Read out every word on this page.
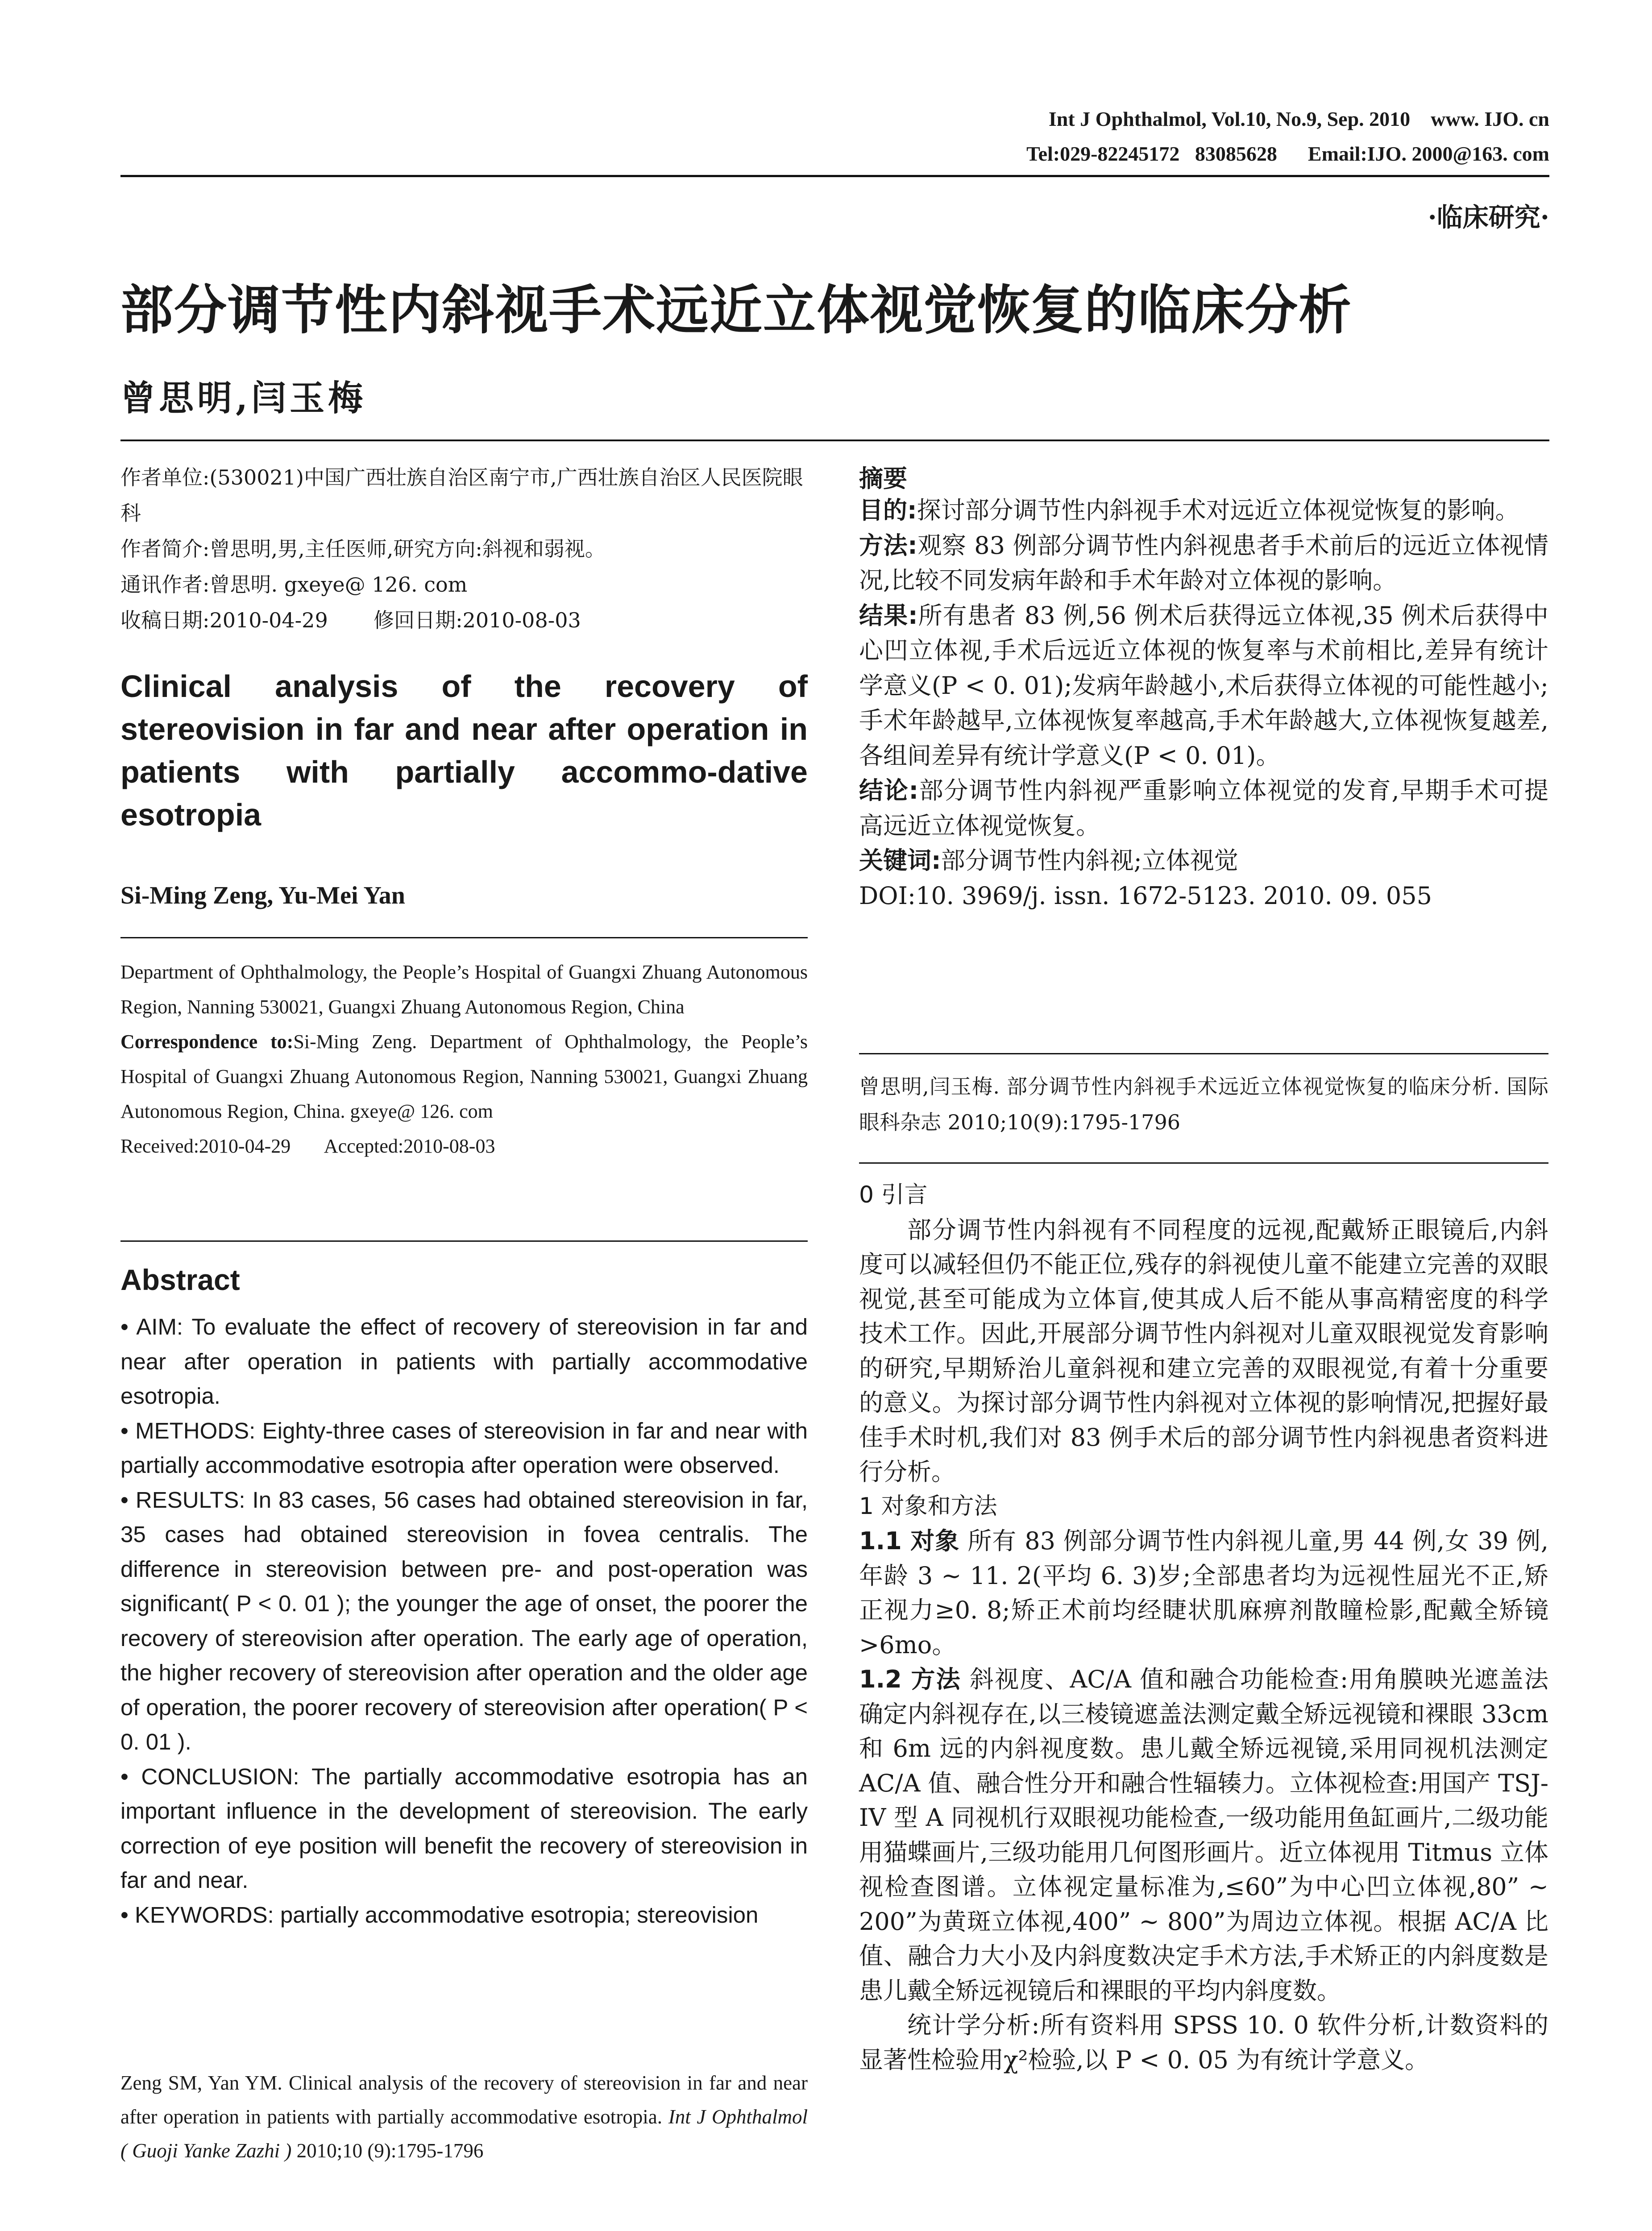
Int J Ophthalmol, Vol.10, No.9, Sep. 2010    www. IJO. cn
Tel:029-82245172   83085628      Email:IJO. 2000@163. com
·临床研究·
部分调节性内斜视手术远近立体视觉恢复的临床分析
曾思明,闫玉梅
作者单位:(530021)中国广西壮族自治区南宁市,广西壮族自治区人民医院眼科
作者简介:曾思明,男,主任医师,研究方向:斜视和弱视。
通讯作者:曾思明. gxeye@ 126. com
收稿日期:2010-04-29       修回日期:2010-08-03
Clinical analysis of the recovery of stereovision in far and near after operation in patients with partially accommo-dative esotropia
Si-Ming Zeng, Yu-Mei Yan
Department of Ophthalmology, the People’s Hospital of Guangxi Zhuang Autonomous Region, Nanning 530021, Guangxi Zhuang Autonomous Region, China
Correspondence to:Si-Ming Zeng. Department of Ophthalmology, the People’s Hospital of Guangxi Zhuang Autonomous Region, Nanning 530021, Guangxi Zhuang Autonomous Region, China. gxeye@ 126. com
Received:2010-04-29       Accepted:2010-08-03
Abstract

• AIM: To evaluate the effect of recovery of stereovision in far and near after operation in patients with partially accommodative esotropia.

• METHODS: Eighty-three cases of stereovision in far and near with partially accommodative esotropia after operation were observed.

• RESULTS: In 83 cases, 56 cases had obtained stereovision in far, 35 cases had obtained stereovision in fovea centralis. The difference in stereovision between pre- and post-operation was significant( P < 0. 01 ); the younger the age of onset, the poorer the recovery of stereovision after operation. The early age of operation, the higher recovery of stereovision after operation and the older age of operation, the poorer recovery of stereovision after operation( P < 0. 01 ).

• CONCLUSION: The partially accommodative esotropia has an important influence in the development of stereovision. The early correction of eye position will benefit the recovery of stereovision in far and near.

• KEYWORDS: partially accommodative esotropia; stereovision

Zeng SM, Yan YM. Clinical analysis of the recovery of stereovision in far and near after operation in patients with partially accommodative esotropia. Int J Ophthalmol ( Guoji Yanke Zazhi ) 2010;10 (9):1795-1796
摘要

目的:探讨部分调节性内斜视手术对远近立体视觉恢复的影响。

方法:观察 83 例部分调节性内斜视患者手术前后的远近立体视情况,比较不同发病年龄和手术年龄对立体视的影响。

结果:所有患者 83 例,56 例术后获得远立体视,35 例术后获得中心凹立体视,手术后远近立体视的恢复率与术前相比,差异有统计学意义(P < 0. 01);发病年龄越小,术后获得立体视的可能性越小;手术年龄越早,立体视恢复率越高,手术年龄越大,立体视恢复越差,各组间差异有统计学意义(P < 0. 01)。

结论:部分调节性内斜视严重影响立体视觉的发育,早期手术可提高远近立体视觉恢复。

关键词:部分调节性内斜视;立体视觉

DOI:10. 3969/j. issn. 1672-5123. 2010. 09. 055

曾思明,闫玉梅. 部分调节性内斜视手术远近立体视觉恢复的临床分析. 国际眼科杂志 2010;10(9):1795-1796

0 引言

部分调节性内斜视有不同程度的远视,配戴矫正眼镜后,内斜度可以减轻但仍不能正位,残存的斜视使儿童不能建立完善的双眼视觉,甚至可能成为立体盲,使其成人后不能从事高精密度的科学技术工作。因此,开展部分调节性内斜视对儿童双眼视觉发育影响的研究,早期矫治儿童斜视和建立完善的双眼视觉,有着十分重要的意义。为探讨部分调节性内斜视对立体视的影响情况,把握好最佳手术时机,我们对 83 例手术后的部分调节性内斜视患者资料进行分析。

1 对象和方法

1.1 对象 所有 83 例部分调节性内斜视儿童,男 44 例,女 39 例,年龄 3 ~ 11. 2(平均 6. 3)岁;全部患者均为远视性屈光不正,矫正视力≥0. 8;矫正术前均经睫状肌麻痹剂散瞳检影,配戴全矫镜 >6mo。

1.2 方法 斜视度、AC/A 值和融合功能检查:用角膜映光遮盖法确定内斜视存在,以三棱镜遮盖法测定戴全矫远视镜和裸眼 33cm 和 6m 远的内斜视度数。患儿戴全矫远视镜,采用同视机法测定 AC/A 值、融合性分开和融合性辐辏力。立体视检查:用国产 TSJ-IV 型 A 同视机行双眼视功能检查,一级功能用鱼缸画片,二级功能用猫蝶画片,三级功能用几何图形画片。近立体视用 Titmus 立体视检查图谱。立体视定量标准为,≤60”为中心凹立体视,80” ~ 200”为黄斑立体视,400” ~ 800”为周边立体视。根据 AC/A 比值、融合力大小及内斜度数决定手术方法,手术矫正的内斜度数是患儿戴全矫远视镜后和裸眼的平均内斜度数。

统计学分析:所有资料用 SPSS 10. 0 软件分析,计数资料的显著性检验用χ²检验,以 P < 0. 05 为有统计学意义。
